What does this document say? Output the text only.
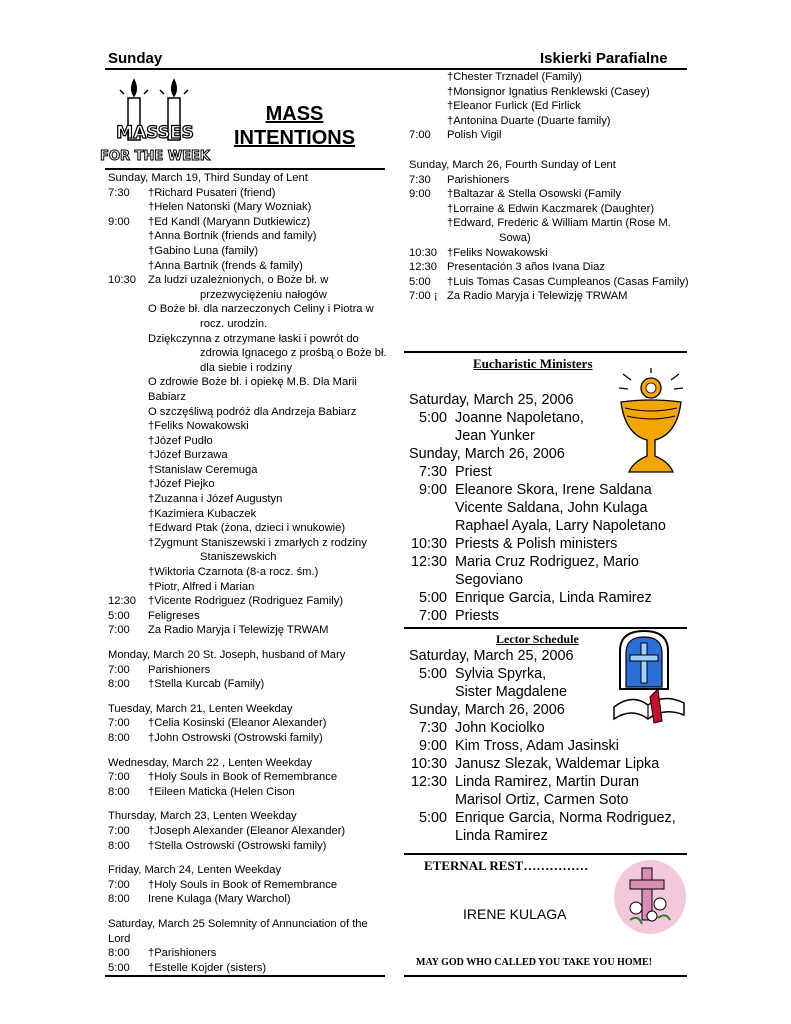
Sunday	Iskierki Parafialne
MASSES
FOR THE WEEK
MASS
INTENTIONS
Sunday, March 19, Third Sunday of Lent
7:30	†Richard Pusateri (friend)
†Helen Natonski (Mary Wozniak)
9:00	†Ed Kandl (Maryann Dutkiewicz)
†Anna Bortnik (friends and family)
†Gabino Luna (family)
†Anna Bartnik (frends & family)
10:30	Za ludzi uzależnionych, o Boże bł. w
przezwyciężeniu nałogów
O Boże bł. dla narzeczonych Celiny i Piotra w
rocz. urodzin.
Dziękczynna z otrzymane łaski i powrót do
zdrowia Ignacego z prośbą o Boże bł.
dla siebie i rodziny
O zdrowie Boże bł. i opiekę M.B. Dla Marii Babiarz
O szczęśliwą podróż dla Andrzeja Babiarz
†Feliks Nowakowski
†Józef Pudło
†Józef Burzawa
†Stanislaw Ceremuga
†Józef Piejko
†Zuzanna i Józef Augustyn
†Kazimiera Kubaczek
†Edward Ptak (żona, dzieci i wnukowie)
†Zygmunt Staniszewski i zmarłych z rodziny
Staniszewskich
†Wiktoria Czarnota (8-a rocz. śm.)
†Piotr, Alfred i Marian
12:30	†Vicente Rodriguez (Rodriguez Family)
5:00	Feligreses
7:00	Za Radio Maryja i Telewizję TRWAM
Monday, March 20 St. Joseph, husband of Mary
7:00	Parishioners
8:00	†Stella Kurcab (Family)
Tuesday, March 21, Lenten Weekday
7:00	†Celia Kosinski (Eleanor Alexander)
8:00	†John Ostrowski (Ostrowski family)
Wednesday, March 22 , Lenten Weekday
7:00	†Holy Souls in Book of Remembrance
8:00	†Eileen Maticka (Helen Cison
Thursday, March 23, Lenten Weekday
7:00	†Joseph Alexander (Eleanor Alexander)
8:00	†Stella Ostrowski (Ostrowski family)
Friday, March 24, Lenten Weekday
7:00	†Holy Souls in Book of Remembrance
8:00	Irene Kulaga (Mary Warchol)
Saturday, March 25 Solemnity of Annunciation of the Lord
8:00	†Parishioners
5:00	†Estelle Kojder (sisters)
†Chester Trznadel (Family)
†Monsignor Ignatius Renklewski (Casey)
†Eleanor Furlick (Ed Firlick
†Antonina Duarte (Duarte family)
7:00	Polish Vigil
Sunday, March 26, Fourth Sunday of Lent
7:30	Parishioners
9:00	†Baltazar & Stella Osowski (Family
†Lorraine & Edwin Kaczmarek (Daughter)
†Edward, Frederic & William Martin (Rose M.
Sowa)
10:30 †Feliks Nowakowski
12:30 Presentación 3 años Ivana Diaz
5:00	†Luis Tomas Casas Cumpleanos (Casas Family)
7:00 ¡ Za Radio Maryja i Telewizję TRWAM
Eucharistic Ministers
Saturday, March 25, 2006
5:00 Joanne Napoletano,
Jean Yunker
Sunday, March 26, 2006
7:30 Priest
9:00 Eleanore Skora, Irene Saldana
Vicente Saldana, John Kulaga
Raphael Ayala, Larry Napoletano
10:30 Priests & Polish ministers
12:30 Maria Cruz Rodriguez, Mario Segoviano
5:00 Enrique Garcia, Linda Ramirez
7:00 Priests
Lector Schedule
Saturday, March 25, 2006
5:00 Sylvia Spyrka,
Sister Magdalene
Sunday, March 26, 2006
7:30 John Kociolko
9:00 Kim Tross, Adam Jasinski
10:30 Janusz Slezak, Waldemar Lipka
12:30 Linda Ramirez, Martin Duran
Marisol Ortiz, Carmen Soto
5:00 Enrique Garcia, Norma Rodriguez,
Linda Ramirez
ETERNAL REST……………
IRENE KULAGA
MAY GOD WHO CALLED YOU TAKE YOU HOME!
